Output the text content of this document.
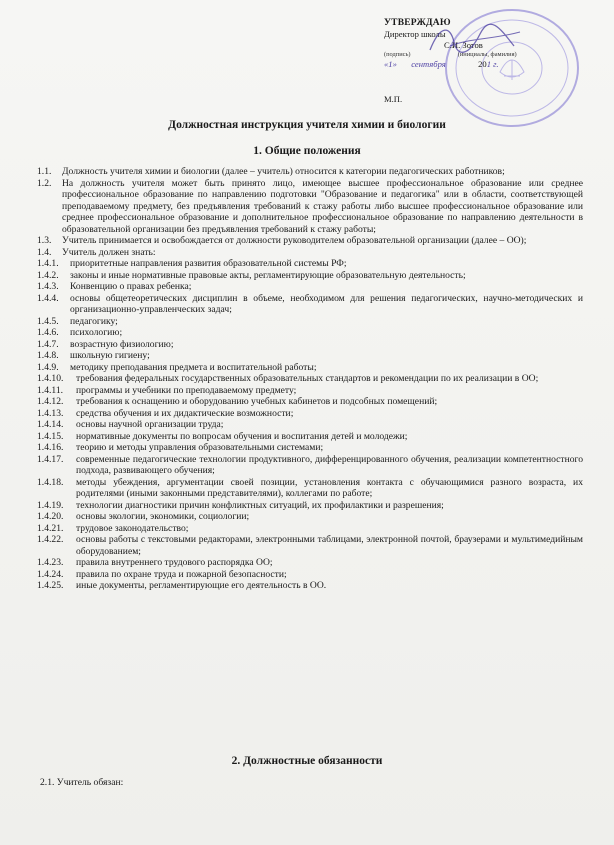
УТВЕРЖДАЮ
Директор школы
С.И. Зотов
(подпись)	(инициалы, фамилия)
«1» сентября	201 г.
М.П.
Должностная инструкция учителя химии и биологии
1. Общие положения
1.1.	Должность учителя химии и биологии (далее – учитель) относится к категории педагогических работников;
1.2.	На должность учителя может быть принято лицо, имеющее высшее профессиональное образование или среднее профессиональное образование по направлению подготовки "Образование и педагогика" или в области, соответствующей преподаваемому предмету, без предъявления требований к стажу работы либо высшее профессиональное образование или среднее профессиональное образование и дополнительное профессиональное образование по направлению деятельности в образовательной организации без предъявления требований к стажу работы;
1.3.	Учитель принимается и освобождается от должности руководителем образовательной организации (далее – ОО);
1.4.	Учитель должен знать:
1.4.1.	приоритетные направления развития образовательной системы РФ;
1.4.2.	законы и иные нормативные правовые акты, регламентирующие образовательную деятельность;
1.4.3.	Конвенцию о правах ребенка;
1.4.4.	основы общетеоретических дисциплин в объеме, необходимом для решения педагогических, научно-методических и организационно-управленческих задач;
1.4.5.	педагогику;
1.4.6.	психологию;
1.4.7.	возрастную физиологию;
1.4.8.	школьную гигиену;
1.4.9.	методику преподавания предмета и воспитательной работы;
1.4.10.	требования федеральных государственных образовательных стандартов и рекомендации по их реализации в ОО;
1.4.11.	программы и учебники по преподаваемому предмету;
1.4.12.	требования к оснащению и оборудованию учебных кабинетов и подсобных помещений;
1.4.13.	средства обучения и их дидактические возможности;
1.4.14.	основы научной организации труда;
1.4.15.	нормативные документы по вопросам обучения и воспитания детей и молодежи;
1.4.16.	теорию и методы управления образовательными системами;
1.4.17.	современные педагогические технологии продуктивного, дифференцированного обучения, реализации компетентностного подхода, развивающего обучения;
1.4.18.	методы убеждения, аргументации своей позиции, установления контакта с обучающимися разного возраста, их родителями (иными законными представителями), коллегами по работе;
1.4.19.	технологии диагностики причин конфликтных ситуаций, их профилактики и разрешения;
1.4.20.	основы экологии, экономики, социологии;
1.4.21.	трудовое законодательство;
1.4.22.	основы работы с текстовыми редакторами, электронными таблицами, электронной почтой, браузерами и мультимедийным оборудованием;
1.4.23.	правила внутреннего трудового распорядка ОО;
1.4.24.	правила по охране труда и пожарной безопасности;
1.4.25.	иные документы, регламентирующие его деятельность в ОО.
2. Должностные обязанности
2.1. Учитель обязан:
